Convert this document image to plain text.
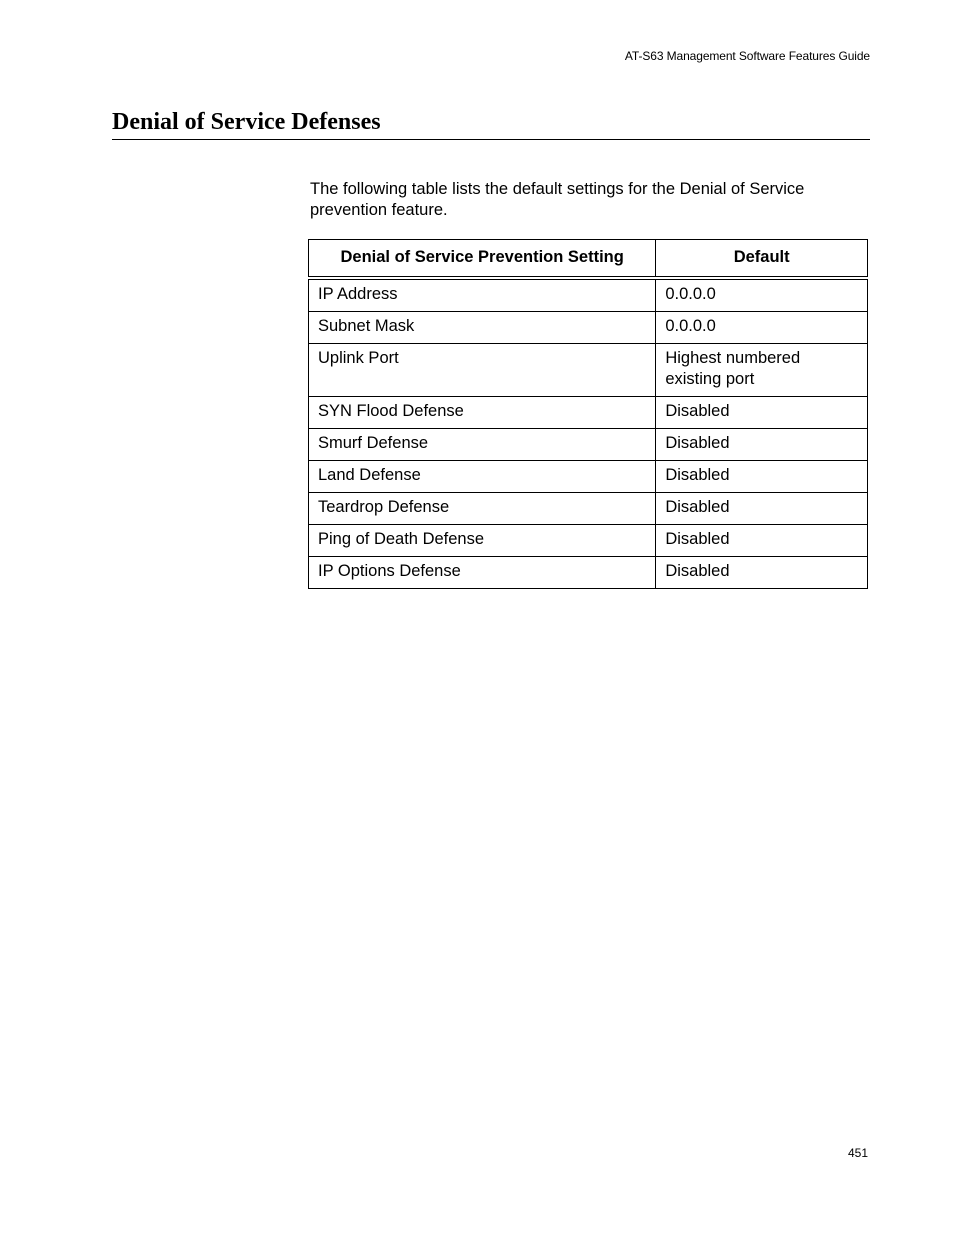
AT-S63 Management Software Features Guide
Denial of Service Defenses

The following table lists the default settings for the Denial of Service prevention feature.

Denial of Service Prevention Setting	Default
IP Address	0.0.0.0
Subnet Mask	0.0.0.0
Uplink Port	Highest numbered existing port
SYN Flood Defense	Disabled
Smurf Defense	Disabled
Land Defense	Disabled
Teardrop Defense	Disabled
Ping of Death Defense	Disabled
IP Options Defense	Disabled
451
